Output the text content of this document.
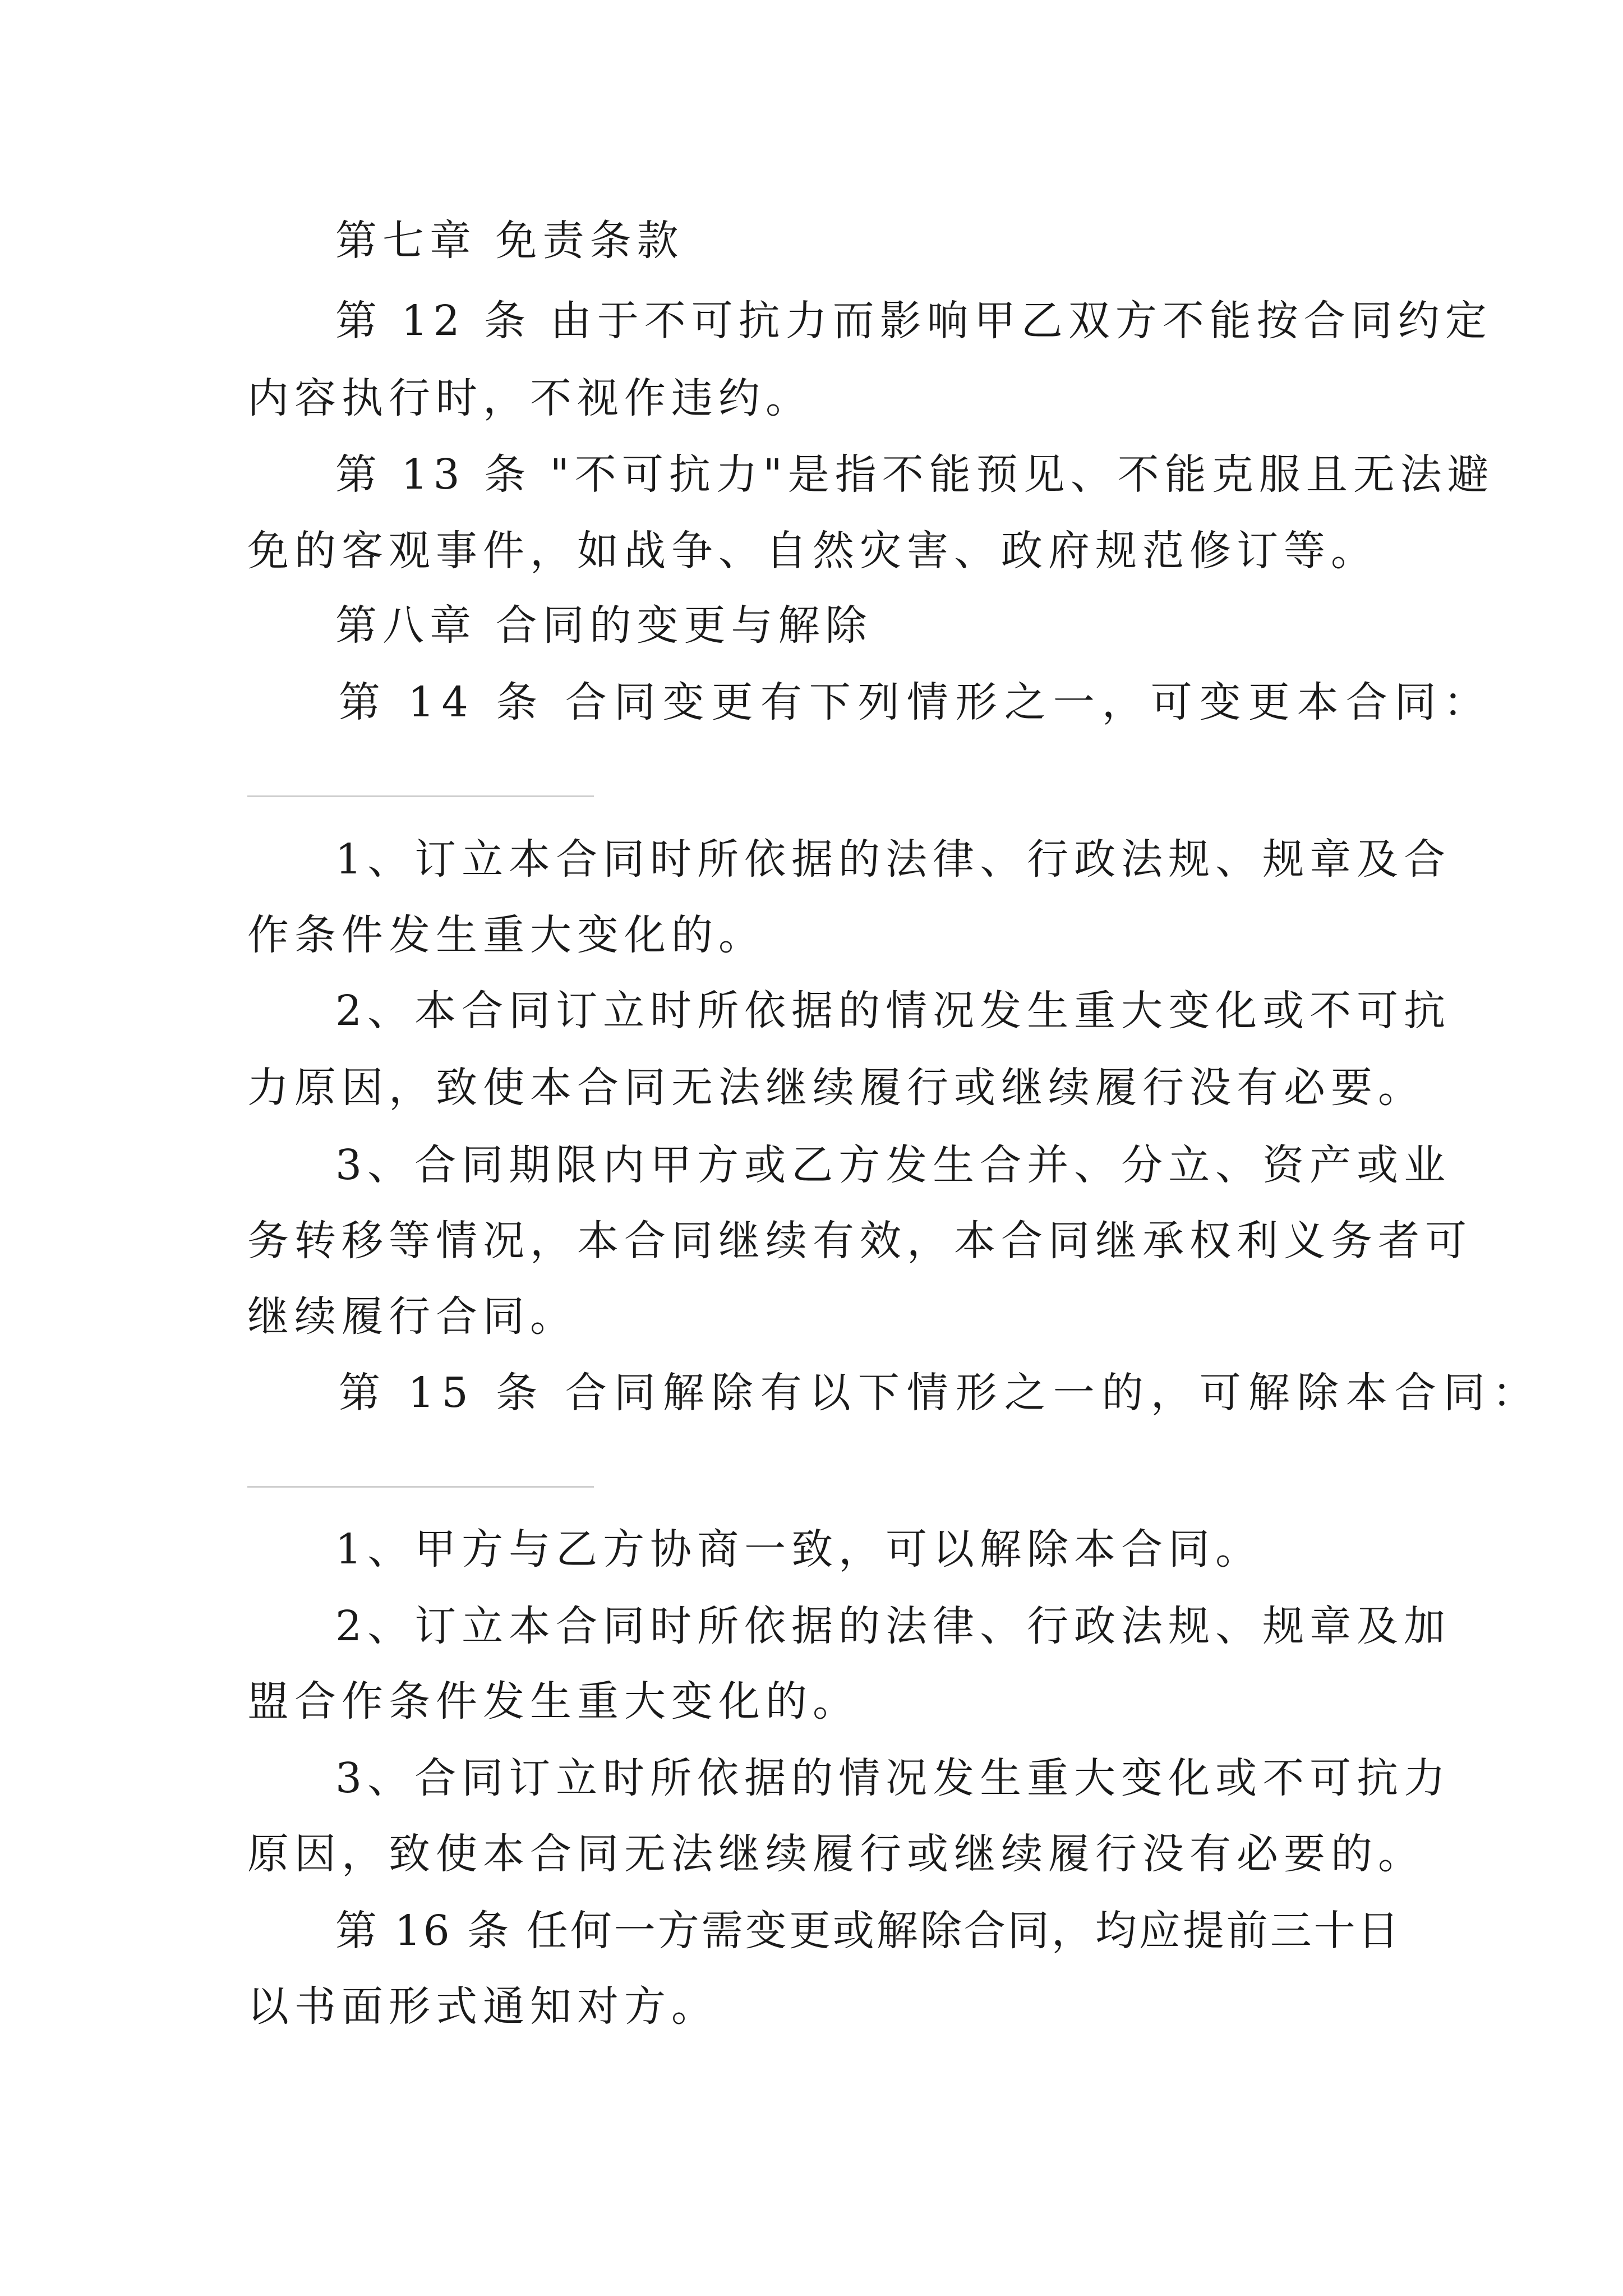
第七章 免责条款
第 12 条 由于不可抗力而影响甲乙双方不能按合同约定
内容执行时，不视作违约。
第 13 条 "不可抗力"是指不能预见、不能克服且无法避
免的客观事件，如战争、自然灾害、政府规范修订等。
第八章 合同的变更与解除
第 14 条 合同变更有下列情形之一，可变更本合同：
1、订立本合同时所依据的法律、行政法规、规章及合
作条件发生重大变化的。
2、本合同订立时所依据的情况发生重大变化或不可抗
力原因，致使本合同无法继续履行或继续履行没有必要。
3、合同期限内甲方或乙方发生合并、分立、资产或业
务转移等情况，本合同继续有效，本合同继承权利义务者可
继续履行合同。
第 15 条 合同解除有以下情形之一的，可解除本合同：
1、甲方与乙方协商一致，可以解除本合同。
2、订立本合同时所依据的法律、行政法规、规章及加
盟合作条件发生重大变化的。
3、合同订立时所依据的情况发生重大变化或不可抗力
原因，致使本合同无法继续履行或继续履行没有必要的。
第 16 条 任何一方需变更或解除合同，均应提前三十日
以书面形式通知对方。
